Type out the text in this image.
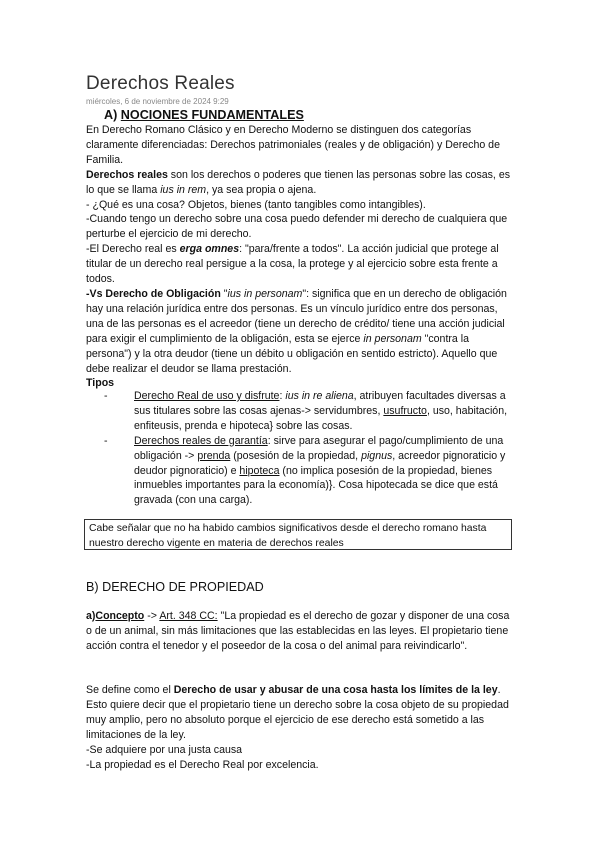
Derechos Reales
miércoles, 6 de noviembre de 2024 9:29
A) NOCIONES FUNDAMENTALES

En Derecho Romano Clásico y en Derecho Moderno se distinguen dos categorías claramente diferenciadas: Derechos patrimoniales (reales y de obligación) y Derecho de Familia.

Derechos reales son los derechos o poderes que tienen las personas sobre las cosas, es lo que se llama ius in rem, ya sea propia o ajena.

- ¿Qué es una cosa? Objetos, bienes (tanto tangibles como intangibles).

-Cuando tengo un derecho sobre una cosa puedo defender mi derecho de cualquiera que perturbe el ejercicio de mi derecho.

-El Derecho real es erga omnes: "para/frente a todos". La acción judicial que protege al titular de un derecho real persigue a la cosa, la protege y al ejercicio sobre esta frente a todos.

-Vs Derecho de Obligación "ius in personam": significa que en un derecho de obligación hay una relación jurídica entre dos personas. Es un vínculo jurídico entre dos personas, una de las personas es el acreedor (tiene un derecho de crédito/ tiene una acción judicial para exigir el cumplimiento de la obligación, esta se ejerce in personam "contra la persona") y la otra deudor (tiene un débito u obligación en sentido estricto). Aquello que debe realizar el deudor se llama prestación.

Tipos

- Derecho Real de uso y disfrute: ius in re aliena, atribuyen facultades diversas a sus titulares sobre las cosas ajenas-> servidumbres, usufructo, uso, habitación, enfiteusis, prenda e hipoteca} sobre las cosas.
- Derechos reales de garantía: sirve para asegurar el pago/cumplimiento de una obligación -> prenda (posesión de la propiedad, pignus, acreedor pignoraticio y deudor pignoraticio) e hipoteca (no implica posesión de la propiedad, bienes inmuebles importantes para la economía)}. Cosa hipotecada se dice que está gravada (con una carga).
Cabe señalar que no ha habido cambios significativos desde el derecho romano hasta nuestro derecho vigente en materia de derechos reales
B) DERECHO DE PROPIEDAD

a)Concepto -> Art. 348 CC: "La propiedad es el derecho de gozar y disponer de una cosa o de un animal, sin más limitaciones que las establecidas en las leyes. El propietario tiene acción contra el tenedor y el poseedor de la cosa o del animal para reivindicarlo".

Se define como el Derecho de usar y abusar de una cosa hasta los límites de la ley. Esto quiere decir que el propietario tiene un derecho sobre la cosa objeto de su propiedad muy amplio, pero no absoluto porque el ejercicio de ese derecho está sometido a las limitaciones de la ley.

-Se adquiere por una justa causa

-La propiedad es el Derecho Real por excelencia.
